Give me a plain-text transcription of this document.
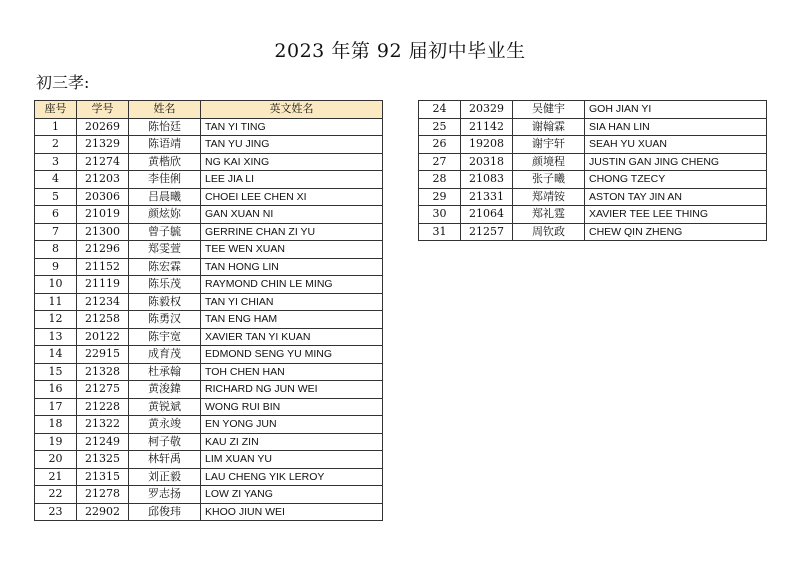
2023 年第 92 届初中毕业生
初三孝:
座号	学号	姓名	英文姓名
1	20269	陈怡廷	TAN YI TING
2	21329	陈语靖	TAN YU JING
3	21274	黄楷欣	NG KAI XING
4	21203	李佳俐	LEE JIA LI
5	20306	吕晨曦	CHOEI LEE CHEN XI
6	21019	颜炫妳	GAN XUAN NI
7	21300	曾子毓	GERRINE CHAN ZI YU
8	21296	郑雯萱	TEE WEN XUAN
9	21152	陈宏霖	TAN HONG LIN
10	21119	陈乐茂	RAYMOND CHIN LE MING
11	21234	陈毅权	TAN YI CHIAN
12	21258	陈勇汉	TAN ENG HAM
13	20122	陈宇宽	XAVIER TAN YI KUAN
14	22915	成育茂	EDMOND SENG YU MING
15	21328	杜承翰	TOH CHEN HAN
16	21275	黄浚鍏	RICHARD NG JUN WEI
17	21228	黄锐斌	WONG RUI BIN
18	21322	黄永竣	EN YONG JUN
19	21249	柯子敬	KAU ZI ZIN
20	21325	林轩禹	LIM XUAN YU
21	21315	刘正毅	LAU CHENG YIK LEROY
22	21278	罗志扬	LOW ZI YANG
23	22902	邱俊玮	KHOO JIUN WEI
24	20329	吴健宇	GOH JIAN YI
25	21142	谢翰霖	SIA HAN LIN
26	19208	谢宇轩	SEAH YU XUAN
27	20318	颜境程	JUSTIN GAN JING CHENG
28	21083	张子曦	CHONG TZECY
29	21331	郑靖铵	ASTON TAY JIN AN
30	21064	郑礼霆	XAVIER TEE LEE THING
31	21257	周钦政	CHEW QIN ZHENG
